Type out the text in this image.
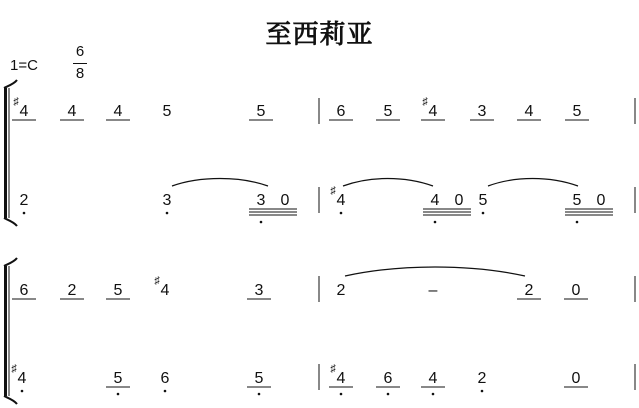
至西莉亚
1=C
6
8
4
♯
4 4	5	5	6 5 4
♯
3 4 5
2	3	3 0	4
♯
4 0 5	5 0
6 2 5 4
♯
3	2	–	2 0
4
♯
5 6	5	4
♯
6 4	2	0
